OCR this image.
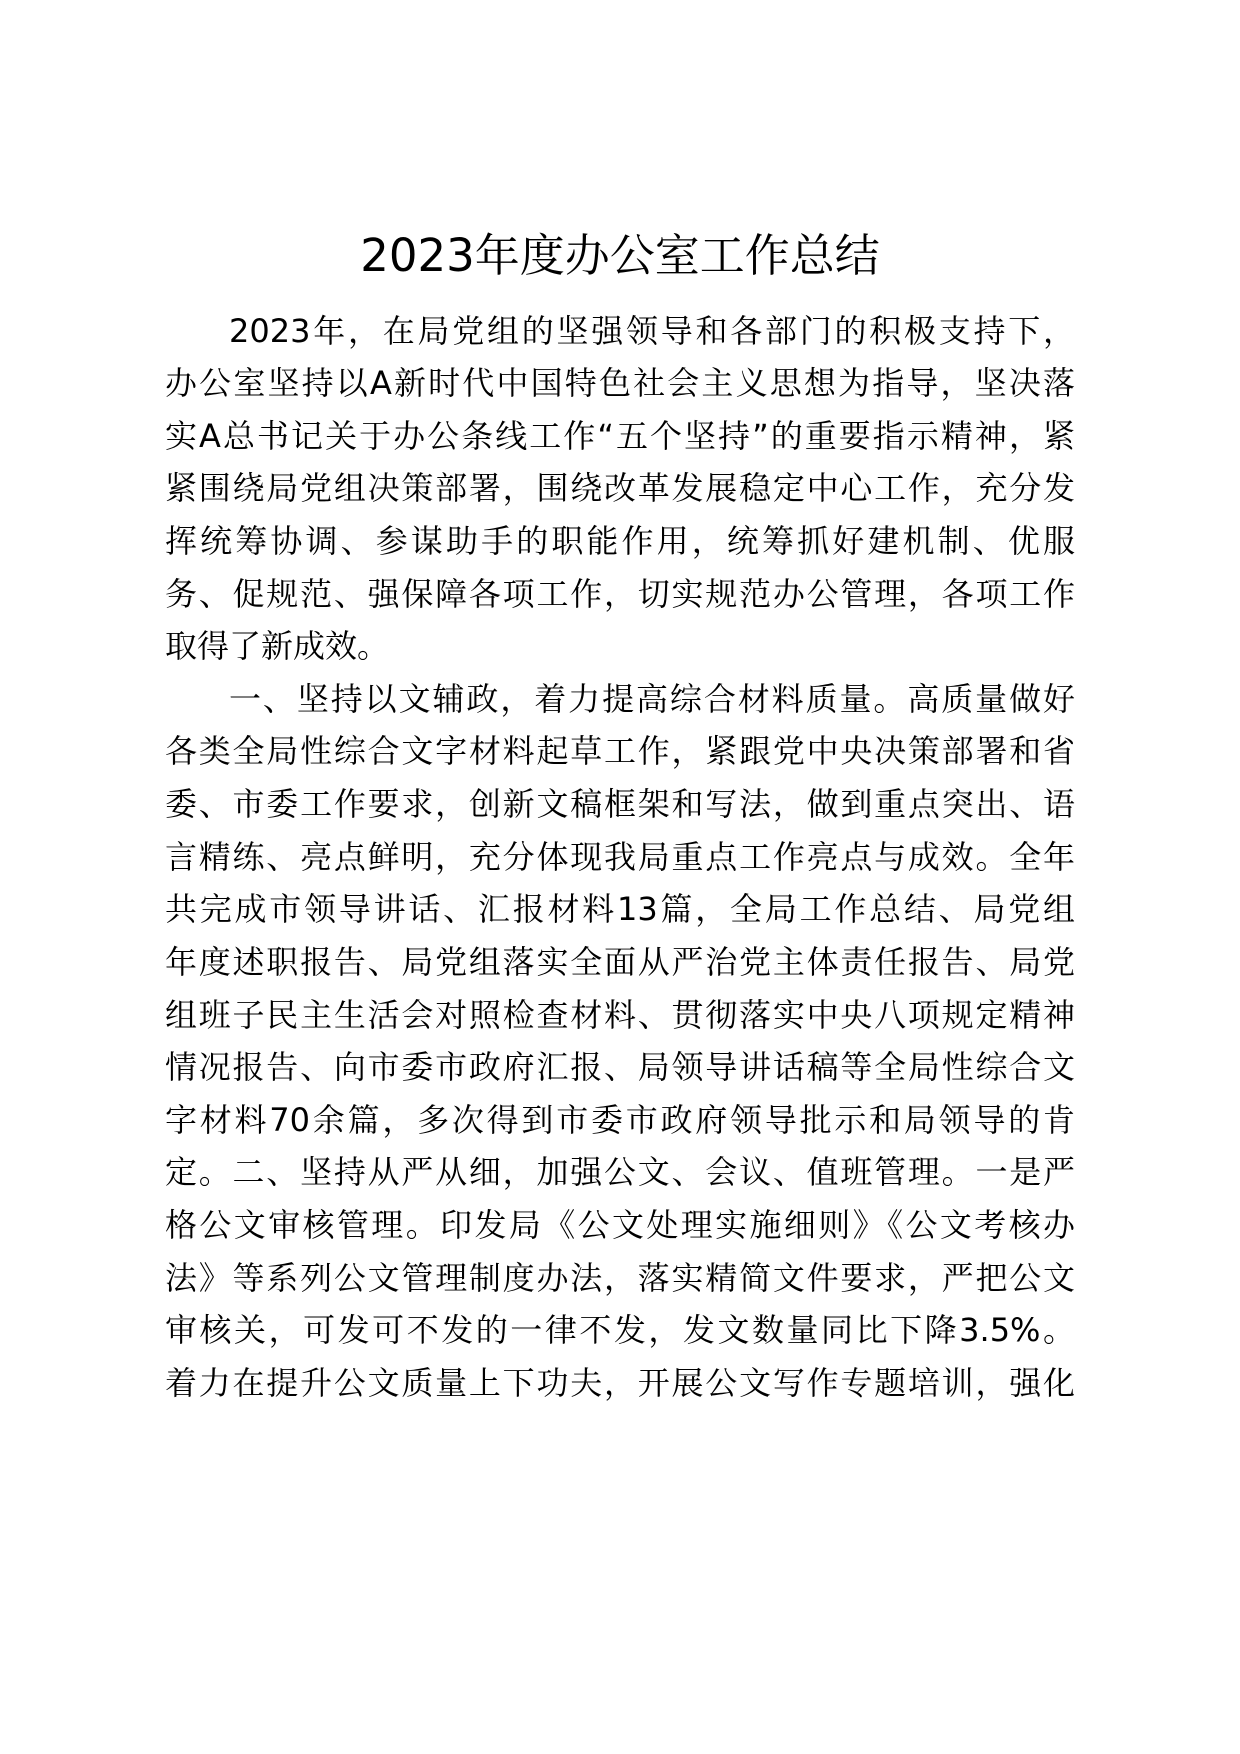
2023年度办公室工作总结

2023年，在局党组的坚强领导和各部门的积极支持下，

办公室坚持以A新时代中国特色社会主义思想为指导，坚决落

实A总书记关于办公条线工作“五个坚持”的重要指示精神，紧

紧围绕局党组决策部署，围绕改革发展稳定中心工作，充分发

挥统筹协调、参谋助手的职能作用，统筹抓好建机制、优服

务、促规范、强保障各项工作，切实规范办公管理，各项工作

取得了新成效。

一、坚持以文辅政，着力提高综合材料质量。高质量做好

各类全局性综合文字材料起草工作，紧跟党中央决策部署和省

委、市委工作要求，创新文稿框架和写法，做到重点突出、语

言精练、亮点鲜明，充分体现我局重点工作亮点与成效。全年

共完成市领导讲话、汇报材料13篇，全局工作总结、局党组

年度述职报告、局党组落实全面从严治党主体责任报告、局党

组班子民主生活会对照检查材料、贯彻落实中央八项规定精神

情况报告、向市委市政府汇报、局领导讲话稿等全局性综合文

字材料70余篇，多次得到市委市政府领导批示和局领导的肯

定。二、坚持从严从细，加强公文、会议、值班管理。一是严

格公文审核管理。印发局《公文处理实施细则》《公文考核办

法》等系列公文管理制度办法，落实精简文件要求，严把公文

审核关，可发可不发的一律不发，发文数量同比下降3.5%。

着力在提升公文质量上下功夫，开展公文写作专题培训，强化
